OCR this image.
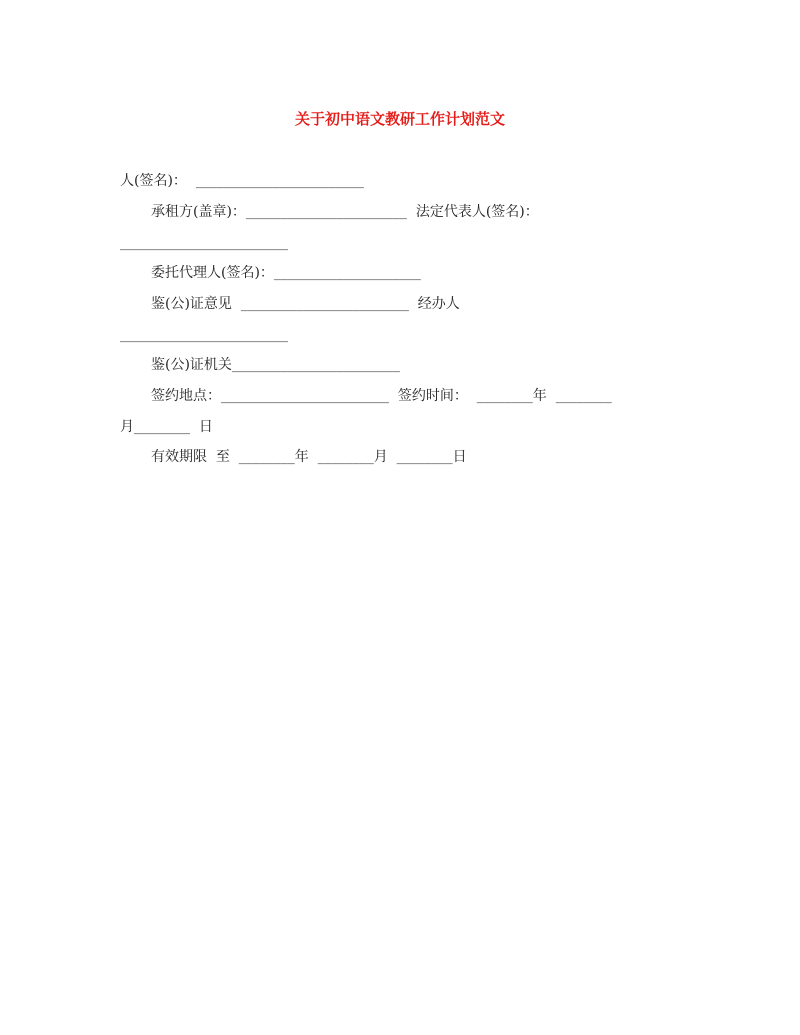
关于初中语文教研工作计划范文
人(签名)：  ________________________
承租方(盖章)：_______________________  法定代表人(签名)：
________________________
委托代理人(签名)：_____________________
鉴(公)证意见  ________________________  经办人
________________________
鉴(公)证机关________________________
签约地点：________________________  签约时间：  ________年  ________
月________  日
有效期限  至  ________年  ________月  ________日
